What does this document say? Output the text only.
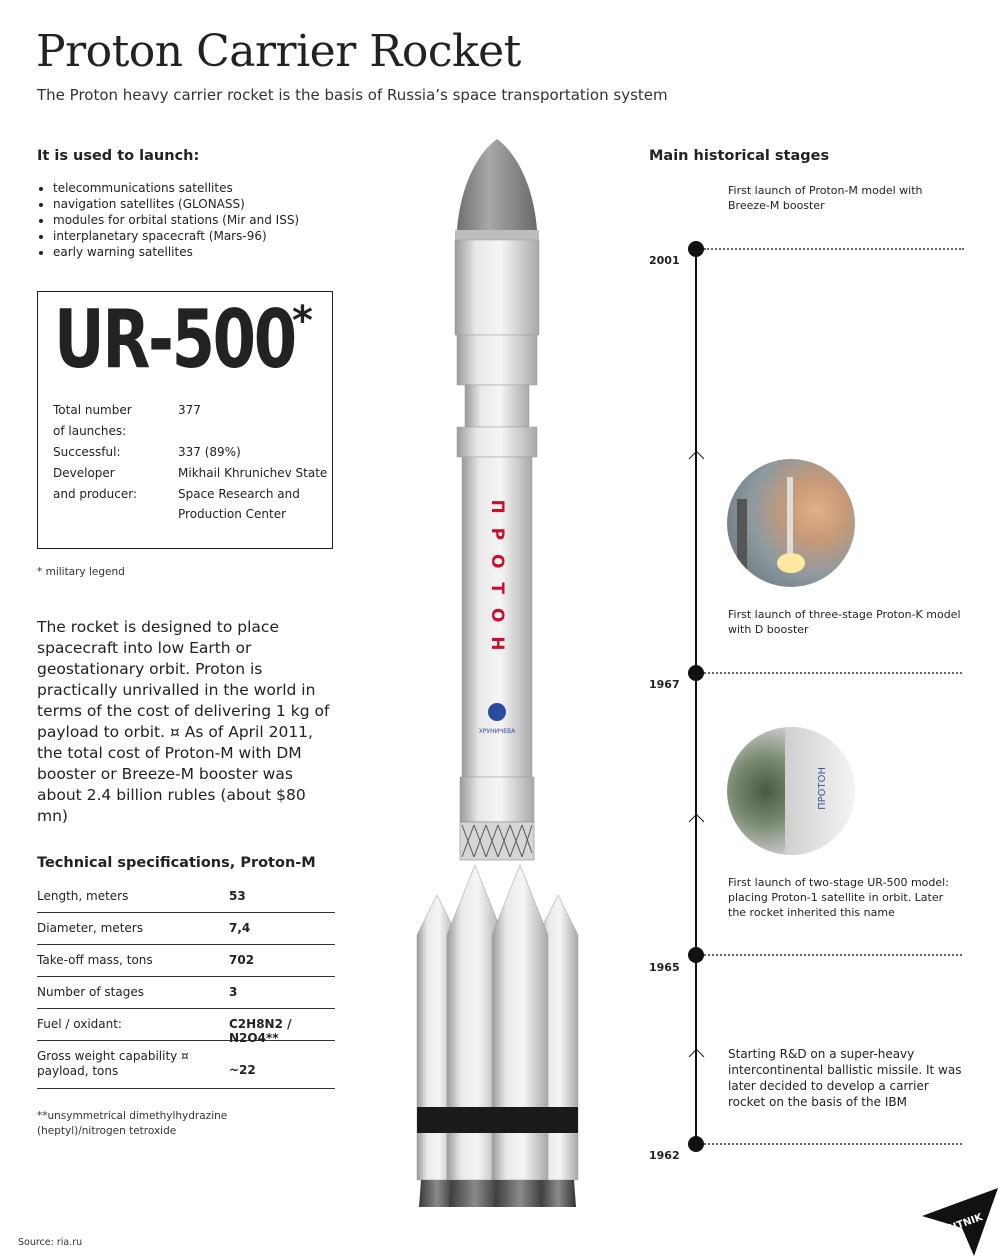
Proton Carrier Rocket
The Proton heavy carrier rocket is the basis of Russia’s space transportation system
It is used to launch:
• telecommunications satellites
• navigation satellites (GLONASS)
• modules for orbital stations (Mir and ISS)
• interplanetary spacecraft (Mars-96)
• early warning satellites
UR-500
*
Total number	377
of launches:
Successful:	337 (89%)
Developer	Mikhail Khrunichev State
and producer:	Space Research and
Production Center
* military legend
The rocket is designed to place spacecraft into low Earth or geostationary orbit. Proton is practically unrivalled in the world in terms of the cost of delivering 1 kg of payload to orbit. ¤ As of April 2011, the total cost of Proton-M with DM booster or Breeze-M booster was about 2.4 billion rubles (about $80 mn)
Technical specifications, Proton-M
Length, meters	53
Diameter, meters	7,4
Take-off mass, tons	702
Number of stages	3
Fuel / oxidant:	C2H8N2 / N2O4**
Gross weight capability ¤
payload, tons	~22
**unsymmetrical dimethylhydrazine (heptyl)/nitrogen tetroxide
П Р О Т О Н
ХРУНИЧЕВА
Main historical stages
First launch of Proton-M model with Breeze-M booster
2001
First launch of three-stage Proton-K model with D booster
1967
ПРОТОН
First launch of two-stage UR-500 model: placing Proton-1 satellite in orbit. Later the rocket inherited this name
1965
Starting R&D on a super-heavy intercontinental ballistic missile. It was later decided to develop a carrier rocket on the basis of the IBM
1962
Source: ria.ru
SPUTNIK
